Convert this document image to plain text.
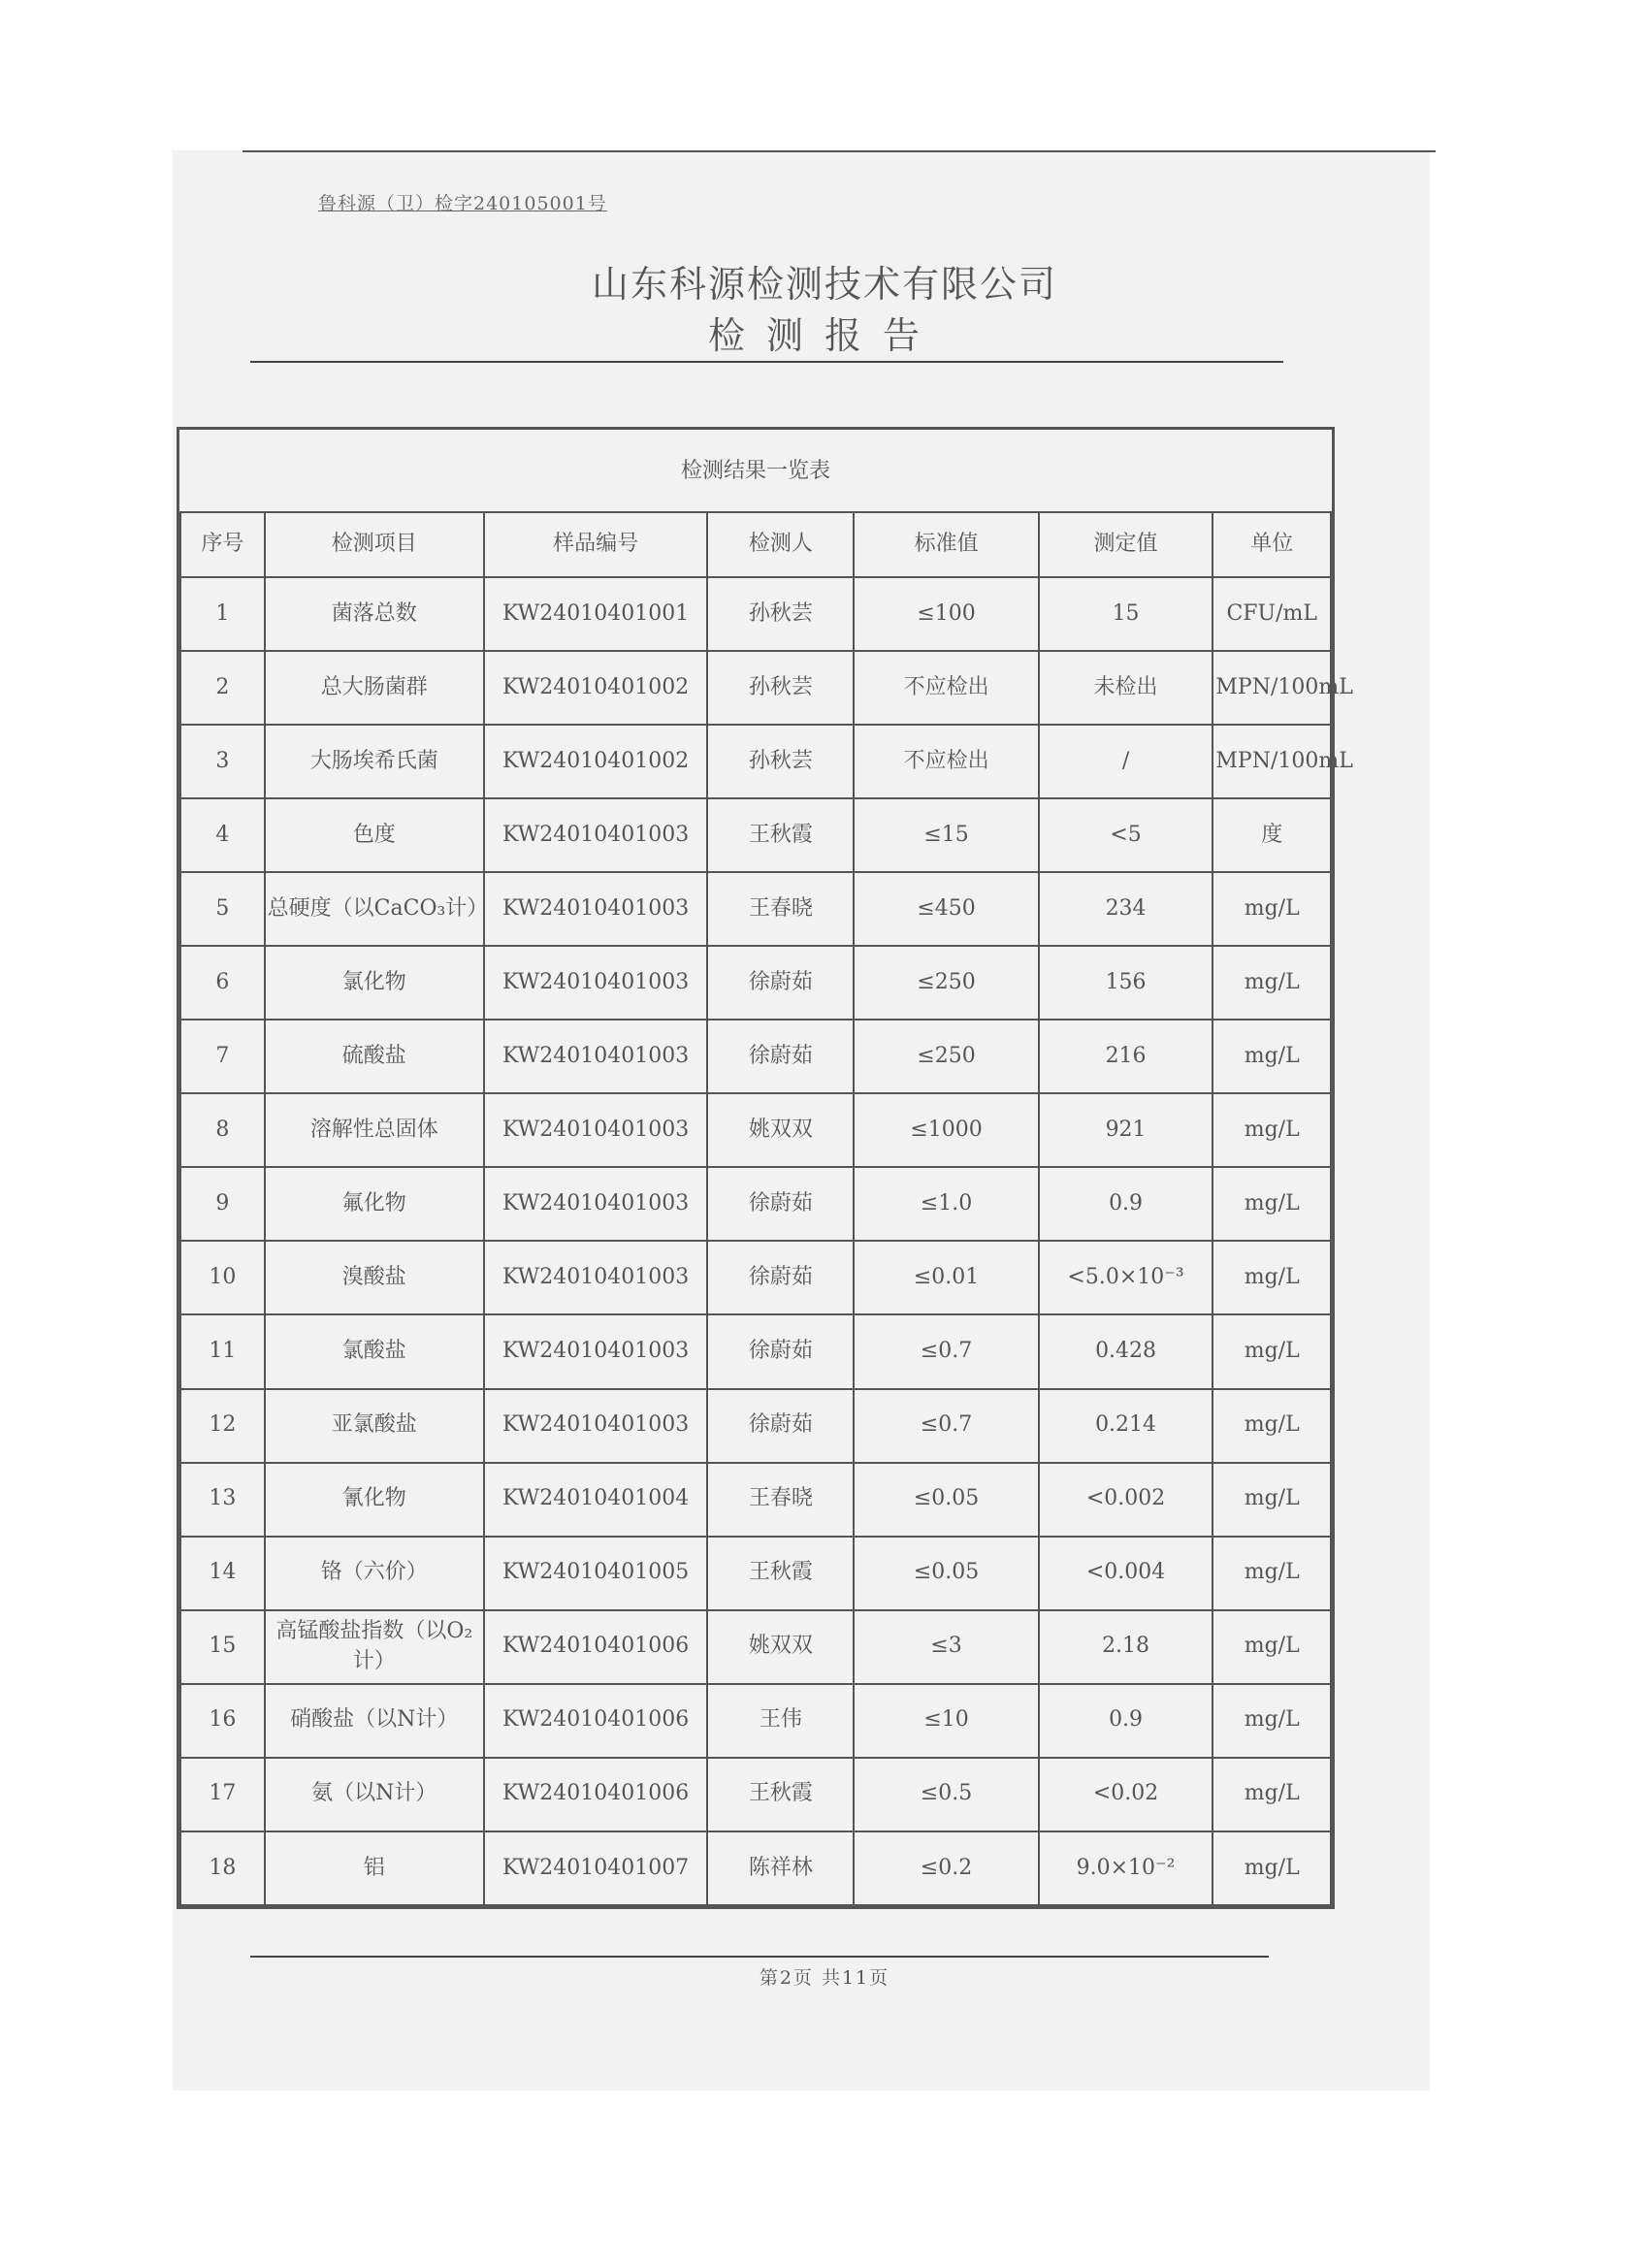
鲁科源（卫）检字240105001号
山东科源检测技术有限公司
检测报告
检测结果一览表
序号	检测项目	样品编号	检测人	标准值	测定值	单位
1	菌落总数	KW24010401001	孙秋芸	≤100	15	CFU/mL
2	总大肠菌群	KW24010401002	孙秋芸	不应检出	未检出	MPN/100mL
3	大肠埃希氏菌	KW24010401002	孙秋芸	不应检出	/	MPN/100mL
4	色度	KW24010401003	王秋霞	≤15	<5	度
5	总硬度（以CaCO₃计）	KW24010401003	王春晓	≤450	234	mg/L
6	氯化物	KW24010401003	徐蔚茹	≤250	156	mg/L
7	硫酸盐	KW24010401003	徐蔚茹	≤250	216	mg/L
8	溶解性总固体	KW24010401003	姚双双	≤1000	921	mg/L
9	氟化物	KW24010401003	徐蔚茹	≤1.0	0.9	mg/L
10	溴酸盐	KW24010401003	徐蔚茹	≤0.01	<5.0×10⁻³	mg/L
11	氯酸盐	KW24010401003	徐蔚茹	≤0.7	0.428	mg/L
12	亚氯酸盐	KW24010401003	徐蔚茹	≤0.7	0.214	mg/L
13	氰化物	KW24010401004	王春晓	≤0.05	<0.002	mg/L
14	铬（六价）	KW24010401005	王秋霞	≤0.05	<0.004	mg/L
15	高锰酸盐指数（以O₂计）	KW24010401006	姚双双	≤3	2.18	mg/L
16	硝酸盐（以N计）	KW24010401006	王伟	≤10	0.9	mg/L
17	氨（以N计）	KW24010401006	王秋霞	≤0.5	<0.02	mg/L
18	铝	KW24010401007	陈祥林	≤0.2	9.0×10⁻²	mg/L
第2页 共11页
